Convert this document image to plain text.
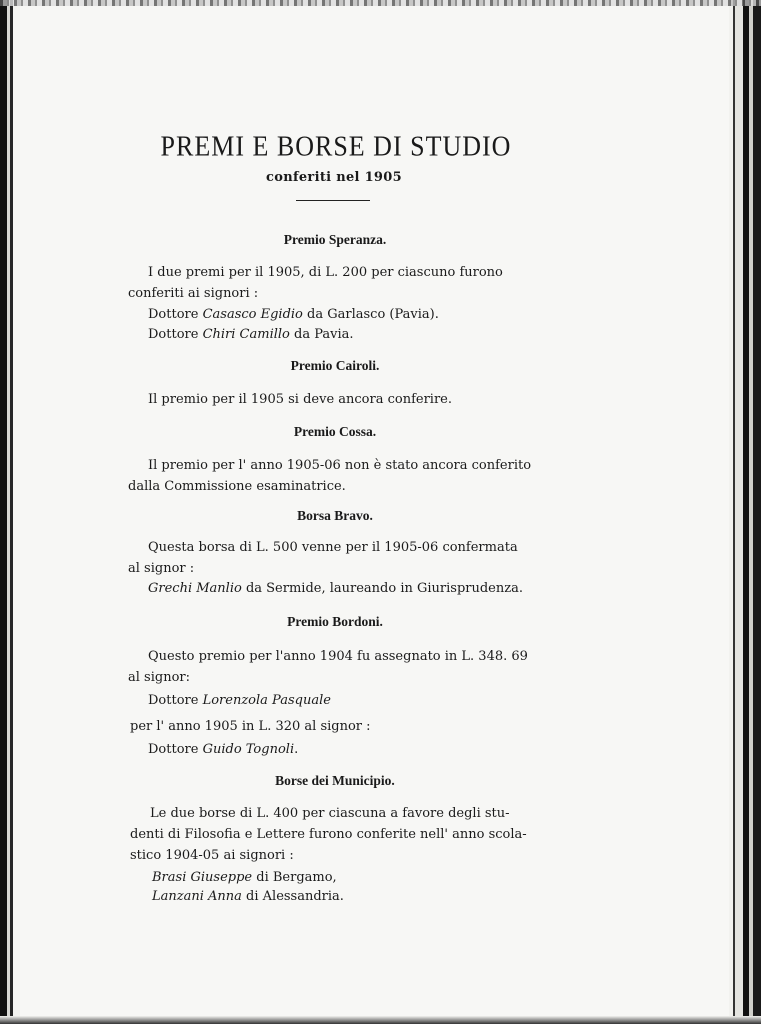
PREMI E BORSE DI STUDIO
conferiti nel 1905
Premio Speranza.
I due premi per il 1905, di L. 200 per ciascuno furono
conferiti ai signori :
Dottore Casasco Egidio da Garlasco (Pavia).
Dottore Chiri Camillo da Pavia.
Premio Cairoli.
Il premio per il 1905 si deve ancora conferire.
Premio Cossa.
Il premio per l' anno 1905-06 non è stato ancora conferito
dalla Commissione esaminatrice.
Borsa Bravo.
Questa borsa di L. 500 venne per il 1905-06 confermata
al signor :
Grechi Manlio da Sermide, laureando in Giurisprudenza.
Premio Bordoni.
Questo premio per l'anno 1904 fu assegnato in L. 348. 69
al signor:
Dottore Lorenzola Pasquale
per l' anno 1905 in L. 320 al signor :
Dottore Guido Tognoli.
Borse dei Municipio.
Le due borse di L. 400 per ciascuna a favore degli stu-
denti di Filosofia e Lettere furono conferite nell' anno scola-
stico 1904-05 ai signori :
Brasi Giuseppe di Bergamo,
Lanzani Anna di Alessandria.
